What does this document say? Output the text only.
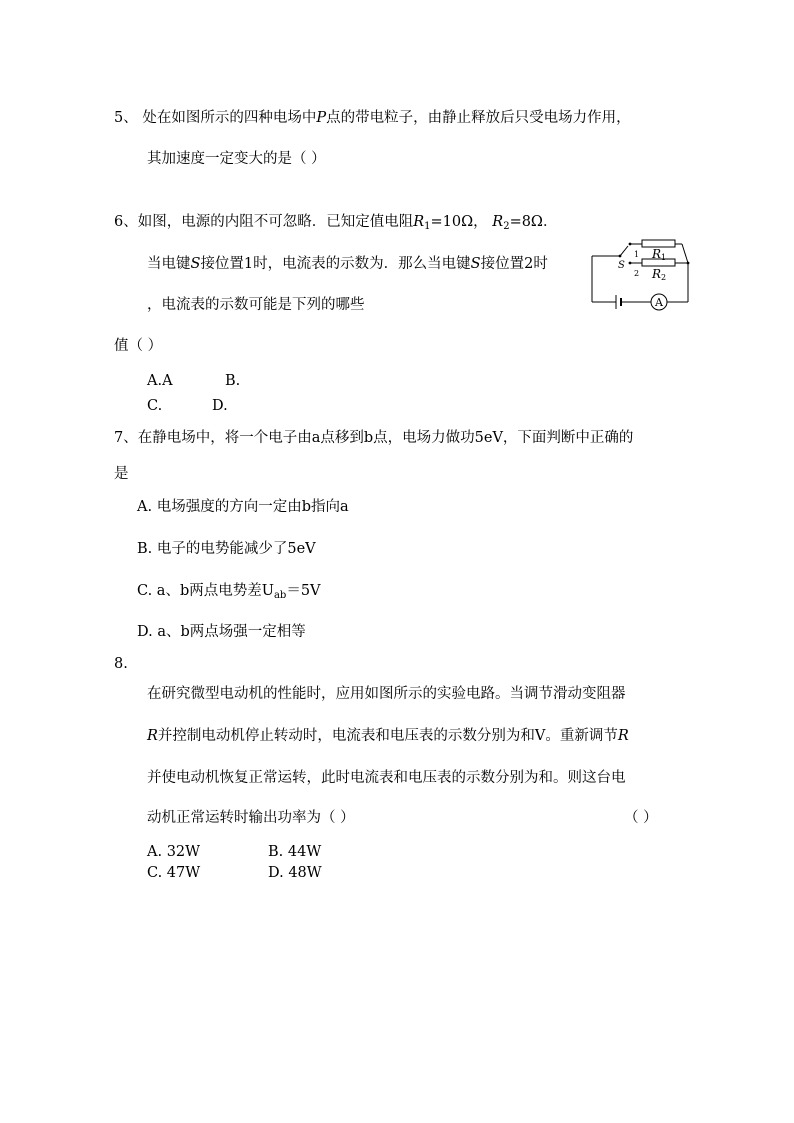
5、 处在如图所示的四种电场中P点的带电粒子，由静止释放后只受电场力作用，
其加速度一定变大的是（ ）
6、如图，电源的内阻不可忽略．已知定值电阻$R_1=10\Omega$， $R_2=8\Omega$．
当电键S接位置1时，电流表的示数为．那么当电键S接位置2时
，电流表的示数可能是下列的哪些
值（ ）
A.A	B.
C.	D.
S
1
2
R1
R2
A
7、在静电场中，将一个电子由a点移到b点，电场力做功5eV，下面判断中正确的
是
A. 电场强度的方向一定由b指向a
B. 电子的电势能减少了5eV
C. a、b两点电势差$U_{ab}=5V$
D. a、b两点场强一定相等
8.
在研究微型电动机的性能时，应用如图所示的实验电路。当调节滑动变阻器
R并控制电动机停止转动时，电流表和电压表的示数分别为和V。重新调节R
并使电动机恢复正常运转，此时电流表和电压表的示数分别为和。则这台电
动机正常运转时输出功率为（ ）	（ ）
A. 32W	B. 44W
C. 47W	D. 48W
